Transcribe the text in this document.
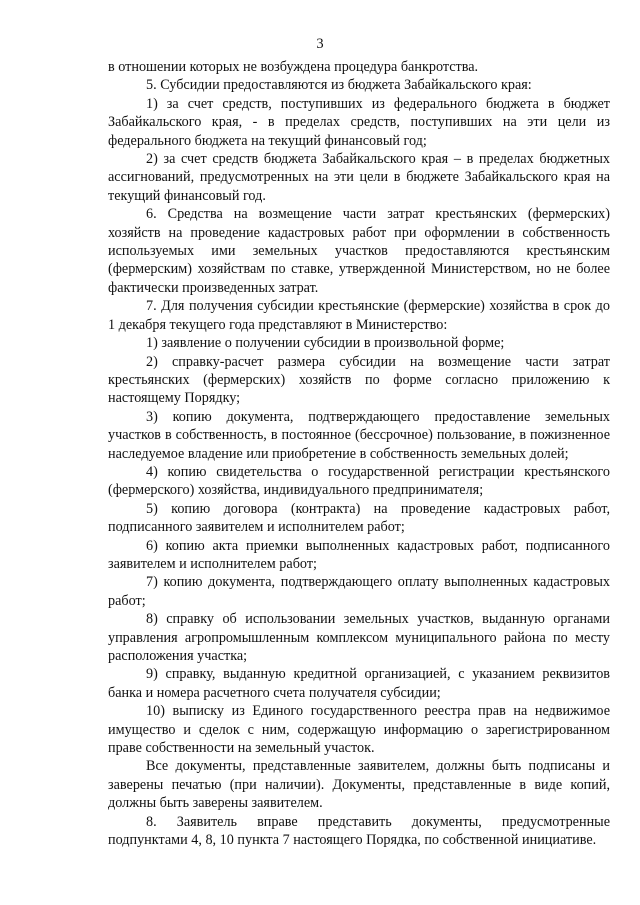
3

в отношении которых не возбуждена процедура банкротства.

5. Субсидии предоставляются из бюджета Забайкальского края:

1) за счет средств, поступивших из федерального бюджета в бюджет Забайкальского края, - в пределах средств, поступивших на эти цели из федерального бюджета на текущий финансовый год;

2) за счет средств бюджета Забайкальского края – в пределах бюджетных ассигнований, предусмотренных на эти цели в бюджете Забайкальского края на текущий финансовый год.

6. Средства на возмещение части затрат крестьянских (фермерских) хозяйств на проведение кадастровых работ при оформлении в собственность используемых ими земельных участков предоставляются крестьянским (фермерским) хозяйствам по ставке, утвержденной Министерством, но не более фактически произведенных затрат.

7. Для получения субсидии крестьянские (фермерские) хозяйства в срок до 1 декабря текущего года представляют в Министерство:

1) заявление о получении субсидии в произвольной форме;

2) справку-расчет размера субсидии на возмещение части затрат крестьянских (фермерских) хозяйств по форме согласно приложению к настоящему Порядку;

3) копию документа, подтверждающего предоставление земельных участков в собственность, в постоянное (бессрочное) пользование, в пожизненное наследуемое владение или приобретение в собственность земельных долей;

4) копию свидетельства о государственной регистрации крестьянского (фермерского) хозяйства, индивидуального предпринимателя;

5) копию договора (контракта) на проведение кадастровых работ, подписанного заявителем и исполнителем работ;

6) копию акта приемки выполненных кадастровых работ, подписанного заявителем и исполнителем работ;

7) копию документа, подтверждающего оплату выполненных кадастровых работ;

8) справку об использовании земельных участков, выданную органами управления агропромышленным комплексом муниципального района по месту расположения участка;

9) справку, выданную кредитной организацией, с указанием реквизитов банка и номера расчетного счета получателя субсидии;

10) выписку из Единого государственного реестра прав на недвижимое имущество и сделок с ним, содержащую информацию о зарегистрированном праве собственности на земельный участок.

Все документы, представленные заявителем, должны быть подписаны и заверены печатью (при наличии). Документы, представленные в виде копий, должны быть заверены заявителем.

8. Заявитель вправе представить документы, предусмотренные подпунктами 4, 8, 10 пункта 7 настоящего Порядка, по собственной инициативе.
